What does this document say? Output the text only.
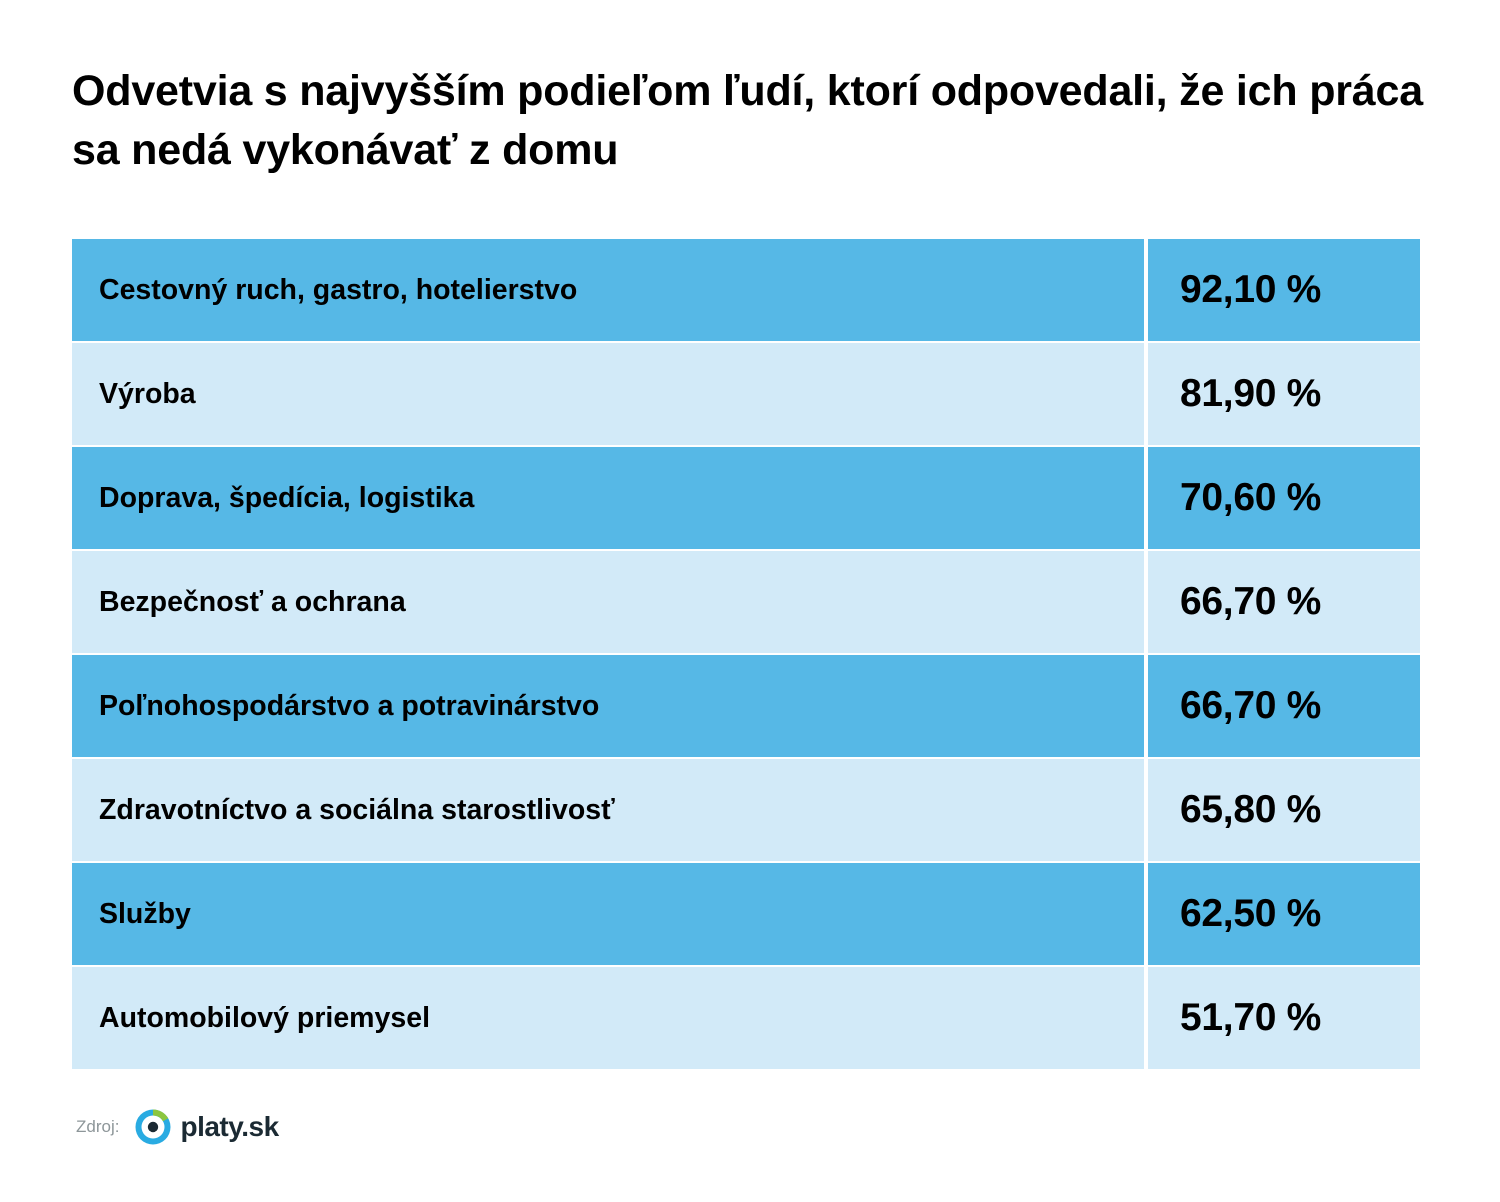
Odvetvia s najvyšším podieľom ľudí, ktorí odpovedali, že ich práca sa nedá vykonávať z domu
Cestovný ruch, gastro, hotelierstvo	92,10 %
Výroba	81,90 %
Doprava, špedícia, logistika	70,60 %
Bezpečnosť a ochrana	66,70 %
Poľnohospodárstvo a potravinárstvo	66,70 %
Zdravotníctvo a sociálna starostlivosť	65,80 %
Služby	62,50 %
Automobilový priemysel	51,70 %
Zdroj: platy.sk
